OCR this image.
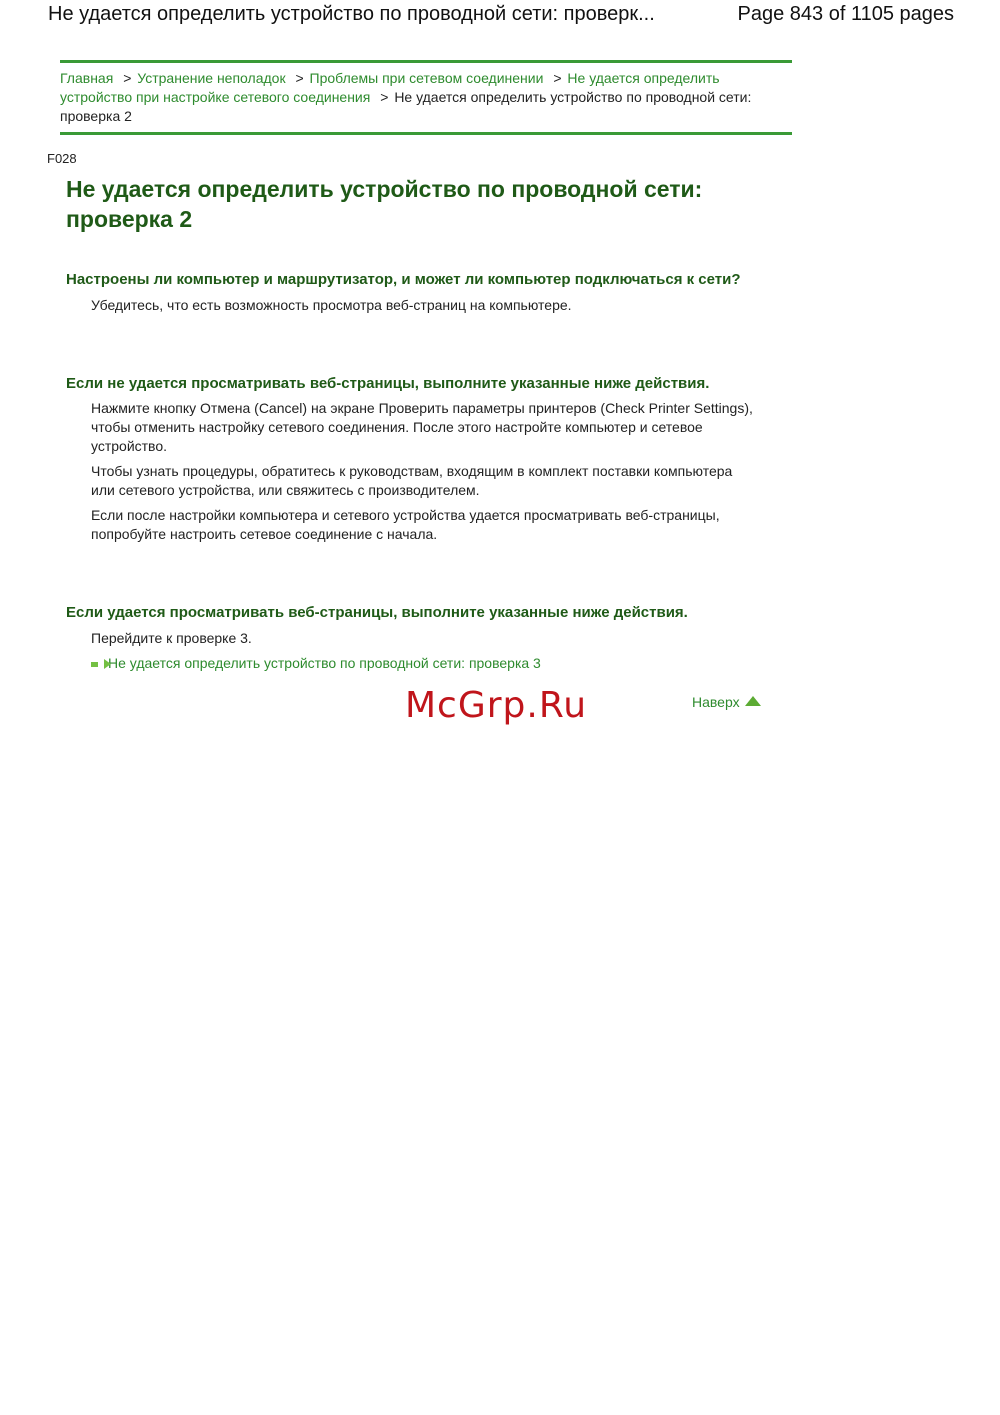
Не удается определить устройство по проводной сети: проверк...	Page 843 of 1105 pages
Главная > Устранение неполадок > Проблемы при сетевом соединении > Не удается определить устройство при настройке сетевого соединения > Не удается определить устройство по проводной сети: проверка 2
F028
Не удается определить устройство по проводной сети: проверка 2
Настроены ли компьютер и маршрутизатор, и может ли компьютер подключаться к сети?

Убедитесь, что есть возможность просмотра веб-страниц на компьютере.

Если не удается просматривать веб-страницы, выполните указанные ниже действия.

Нажмите кнопку Отмена (Cancel) на экране Проверить параметры принтеров (Check Printer Settings), чтобы отменить настройку сетевого соединения. После этого настройте компьютер и сетевое устройство.

Чтобы узнать процедуры, обратитесь к руководствам, входящим в комплект поставки компьютера или сетевого устройства, или свяжитесь с производителем.

Если после настройки компьютера и сетевого устройства удается просматривать веб-страницы, попробуйте настроить сетевое соединение с начала.

Если удается просматривать веб-страницы, выполните указанные ниже действия.

Перейдите к проверке 3.

Не удается определить устройство по проводной сети: проверка 3
McGrp.Ru	Наверх
